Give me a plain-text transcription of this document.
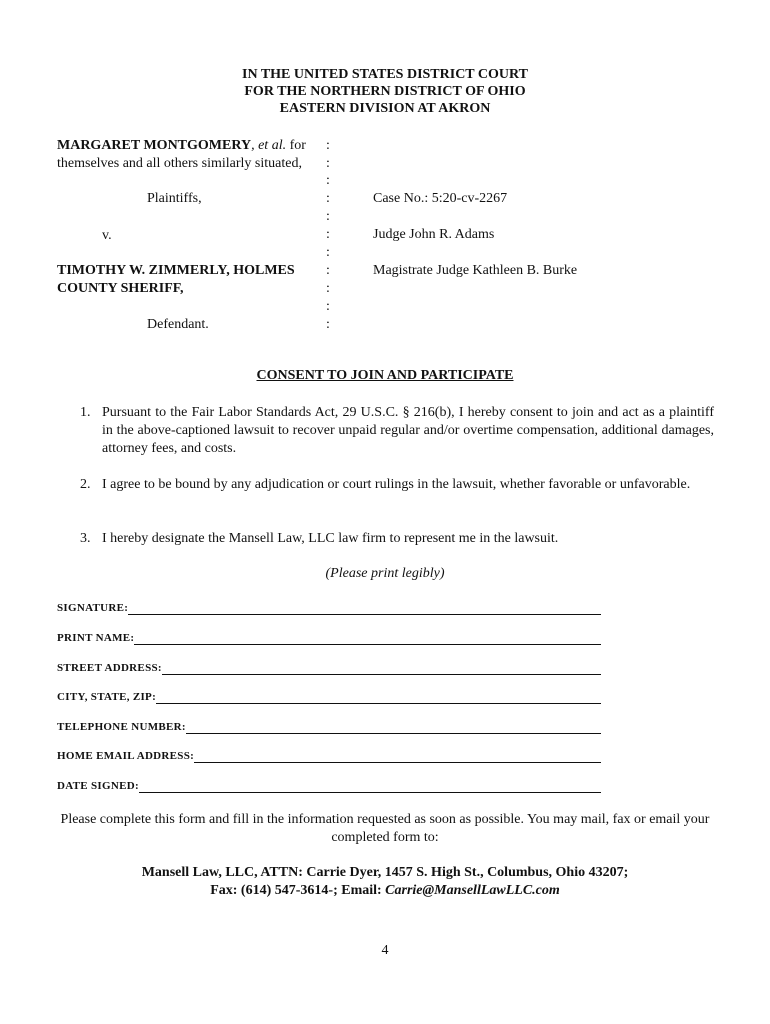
IN THE UNITED STATES DISTRICT COURT
FOR THE NORTHERN DISTRICT OF OHIO
EASTERN DIVISION AT AKRON
MARGARET MONTGOMERY, et al. for
themselves and all others similarly situated,
Plaintiffs,
v.
TIMOTHY W. ZIMMERLY, HOLMES
COUNTY SHERIFF,
Defendant.
:
:
:
:
:
:
:
:
:
:
:
Case No.: 5:20-cv-2267
Judge John R. Adams
Magistrate Judge Kathleen B. Burke
CONSENT TO JOIN AND PARTICIPATE
1. Pursuant to the Fair Labor Standards Act, 29 U.S.C. § 216(b), I hereby consent to join and act as a plaintiff in the above-captioned lawsuit to recover unpaid regular and/or overtime compensation, additional damages, attorney fees, and costs.
2. I agree to be bound by any adjudication or court rulings in the lawsuit, whether favorable or unfavorable.
3. I hereby designate the Mansell Law, LLC law firm to represent me in the lawsuit.
(Please print legibly)
SIGNATURE:
PRINT NAME:
STREET ADDRESS:
CITY, STATE, ZIP:
TELEPHONE NUMBER:
HOME EMAIL ADDRESS:
DATE SIGNED:
Please complete this form and fill in the information requested as soon as possible. You may mail, fax or email your completed form to:
Mansell Law, LLC, ATTN: Carrie Dyer, 1457 S. High St., Columbus, Ohio 43207;
Fax: (614) 547-3614-; Email: Carrie@MansellLawLLC.com
4
